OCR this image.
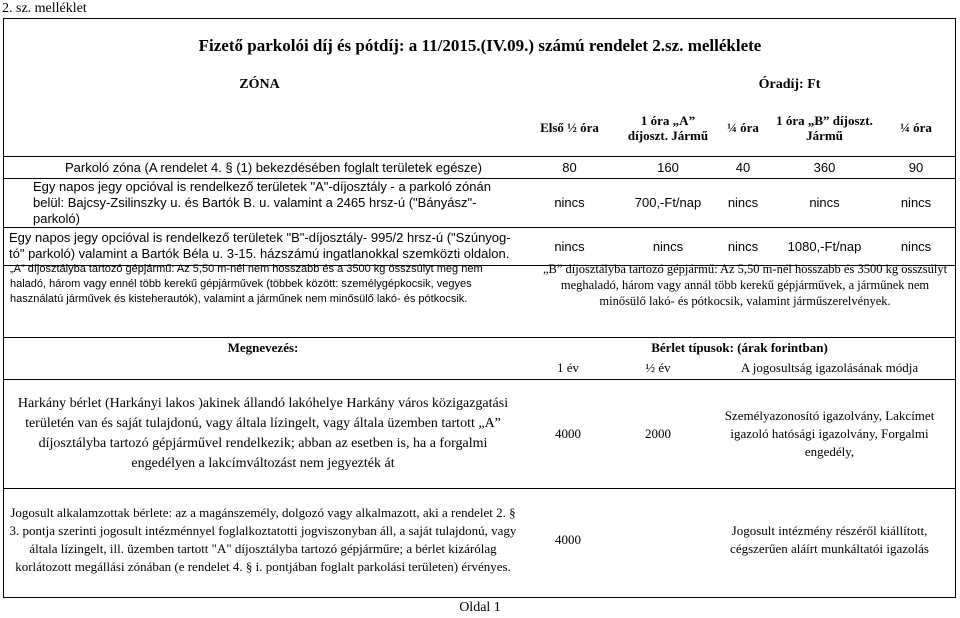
2. sz. melléklet
Fizető parkolói díj és pótdíj: a 11/2015.(IV.09.) számú rendelet 2.sz. melléklete
ZÓNA		Óradíj: Ft			
	Első ½ óra	1 óra „A” díjoszt. Jármű	¼ óra	1 óra „B” díjoszt. Jármű	¼ óra
Parkoló zóna (A rendelet 4. § (1) bekezdésében foglalt területek egésze)	80	160	40	360	90
Egy napos jegy opcióval is rendelkező területek "A"-díjosztály - a parkoló zónán belül: Bajcsy-Zsilinszky u. és Bartók B. u. valamint a 2465 hrsz-ú ("Bányász"-parkoló)	nincs	700,-Ft/nap	nincs	nincs	nincs
Egy napos jegy opcióval is rendelkező területek "B"-díjosztály- 995/2 hrsz-ú ("Szúnyog-tó" parkoló) valamint a Bartók Béla u. 3-15. házszámú ingatlanokkal szemközti oldalon.	nincs	nincs	nincs	1080,-Ft/nap	nincs
„A” díjosztályba tartozó gépjármű: Az 5,50 m-nél nem hosszabb és a 3500 kg összsúlyt meg nem haladó, három vagy ennél több kerekű gépjárművek (többek között: személygépkocsik, vegyes használatú járművek és kisteherautók), valamint a járműnek nem minősülő lakó- és pótkocsik.
„B” díjosztályba tartozó gépjármű: Az 5,50 m-nél hosszabb és 3500 kg összsúlyt meghaladó, három vagy annál több kerekű gépjárművek, a járműnek nem minősülő lakó- és pótkocsik, valamint járműszerelvények.
Megnevezés:	Bérlet típusok: (árak forintban)		
	1 év	½ év	A jogosultság igazolásának módja
Harkány bérlet (Harkányi lakos )akinek állandó lakóhelye Harkány város közigazgatási területén van és saját tulajdonú, vagy általa lízingelt, vagy általa üzemben tartott „A” díjosztályba tartozó gépjárművel rendelkezik; abban az esetben is, ha a forgalmi engedélyen a lakcímváltozást nem jegyezték át	4000	2000	Személyazonosító igazolvány, Lakcímet igazoló hatósági igazolvány, Forgalmi engedély,
Jogosult alkalamzottak bérlete: az a magánszemély, dolgozó vagy alkalmazott, aki a rendelet 2. § 3. pontja szerinti jogosult intézménnyel foglalkoztatotti jogviszonyban áll, a saját tulajdonú, vagy általa lízingelt, ill. üzemben tartott "A" díjosztályba tartozó gépjárműre; a bérlet kizárólag korlátozott megállási zónában (e rendelet 4. § i. pontjában foglalt parkolási területen) érvényes.	4000		Jogosult intézmény részéről kiállított, cégszerűen aláírt munkáltatói igazolás
Oldal 1
